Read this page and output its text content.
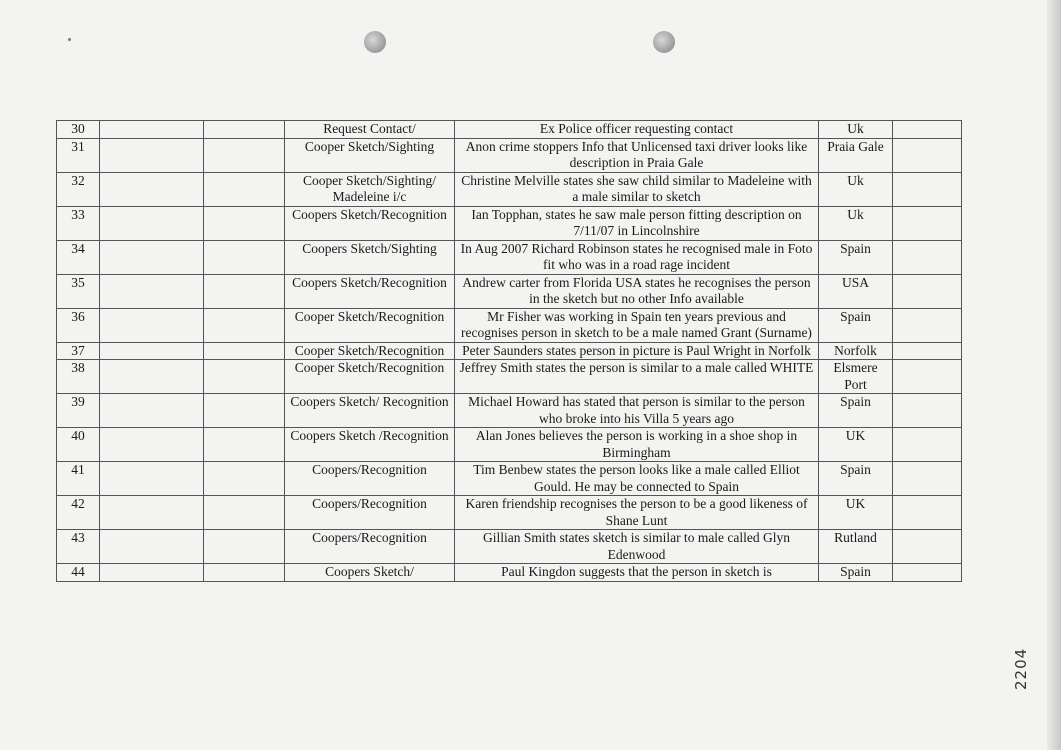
30			Request Contact/	Ex Police officer requesting contact	Uk	
31			Cooper Sketch/Sighting	Anon crime stoppers Info that Unlicensed taxi driver looks like description in Praia Gale	Praia Gale	
32			Cooper Sketch/Sighting/ Madeleine i/c	Christine Melville states she saw child similar to Madeleine with a male similar to sketch	Uk	
33			Coopers Sketch/Recognition	Ian Topphan, states he saw male person fitting description on 7/11/07 in Lincolnshire	Uk	
34			Coopers Sketch/Sighting	In Aug 2007 Richard Robinson states he recognised male in Foto fit who was in a road rage incident	Spain	
35			Coopers Sketch/Recognition	Andrew carter from Florida USA states he recognises the person in the sketch but no other Info available	USA	
36			Cooper Sketch/Recognition	Mr Fisher was working in Spain ten years previous and recognises person in sketch to be a male named Grant (Surname)	Spain	
37			Cooper Sketch/Recognition	Peter Saunders states person in picture is Paul Wright in Norfolk	Norfolk	
38			Cooper Sketch/Recognition	Jeffrey Smith states the person is similar to a male called WHITE	Elsmere Port	
39			Coopers Sketch/ Recognition	Michael Howard has stated that person is similar to the person who broke into his Villa 5 years ago	Spain	
40			Coopers Sketch /Recognition	Alan Jones believes the person is working in a shoe shop in Birmingham	UK	
41			Coopers/Recognition	Tim Benbew states the person looks like a male called Elliot Gould. He may be connected to Spain	Spain	
42			Coopers/Recognition	Karen friendship recognises the person to be a good likeness of Shane Lunt	UK	
43			Coopers/Recognition	Gillian Smith states sketch is similar to male called Glyn Edenwood	Rutland	
44			Coopers Sketch/	Paul Kingdon suggests that the person in sketch is	Spain	
2204
